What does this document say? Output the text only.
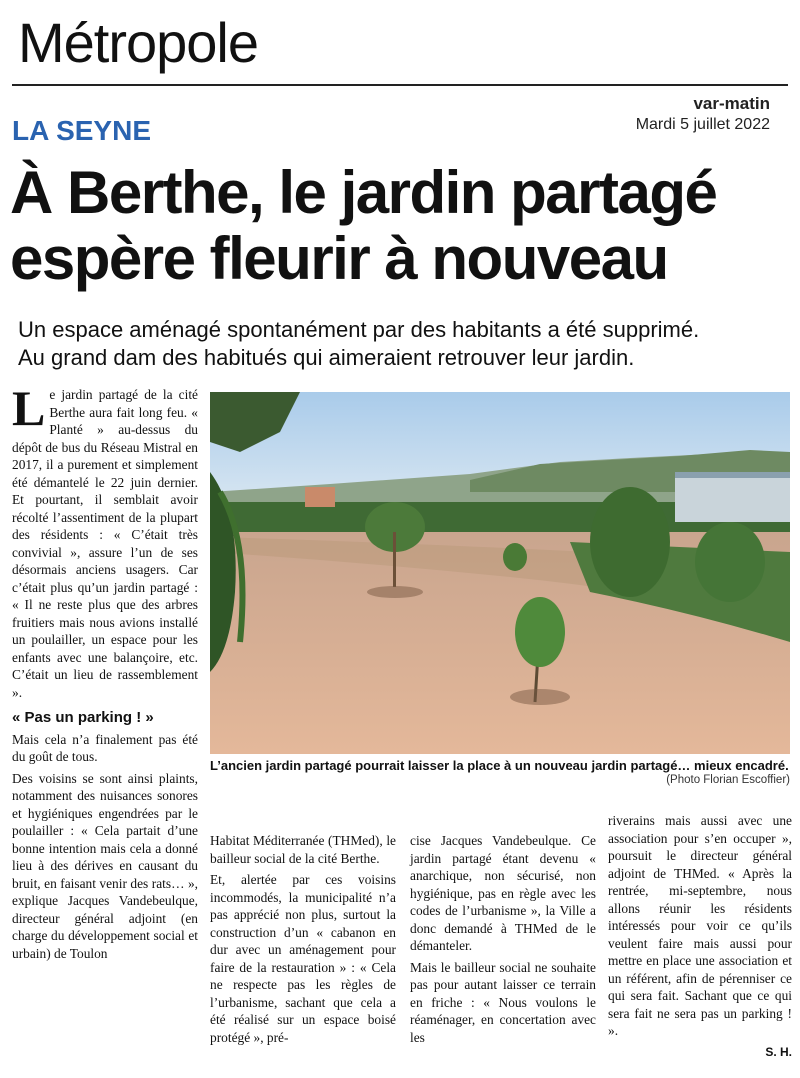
Métropole
var-matin
Mardi 5 juillet 2022
LA SEYNE
À Berthe, le jardin partagé
espère fleurir à nouveau
Un espace aménagé spontanément par des habitants a été supprimé.
Au grand dam des habitués qui aimeraient retrouver leur jardin.

Le jardin partagé de la cité Berthe aura fait long feu. « Planté » au-dessus du dépôt de bus du Réseau Mistral en 2017, il a purement et simplement été démantelé le 22 juin dernier. Et pourtant, il semblait avoir récolté l’assentiment de la plupart des résidents : « C’était très convivial », assure l’un de ses désormais anciens usagers. Car c’était plus qu’un jardin partagé : « Il ne reste plus que des arbres fruitiers mais nous avions installé un poulailler, un espace pour les enfants avec une balançoire, etc. C’était un lieu de rassemblement ».

« Pas un parking ! »

Mais cela n’a finalement pas été du goût de tous.

Des voisins se sont ainsi plaints, notamment des nuisances sonores et hygiéniques engendrées par le poulailler : « Cela partait d’une bonne intention mais cela a donné lieu à des dérives en causant du bruit, en faisant venir des rats… », explique Jacques Vandebeulque, directeur général adjoint (en charge du développement social et urbain) de Toulon

L’ancien jardin partagé pourrait laisser la place à un nouveau jardin partagé… mieux encadré.
(Photo Florian Escoffier)

Habitat Méditerranée (THMed), le bailleur social de la cité Berthe.

Et, alertée par ces voisins incommodés, la municipalité n’a pas apprécié non plus, surtout la construction d’un « cabanon en dur avec un aménagement pour faire de la restauration » : « Cela ne respecte pas les règles de l’urbanisme, sachant que cela a été réalisé sur un espace boisé protégé », pré-

cise Jacques Vandebeulque. Ce jardin partagé étant devenu « anarchique, non sécurisé, non hygiénique, pas en règle avec les codes de l’urbanisme », la Ville a donc demandé à THMed de le démanteler.

Mais le bailleur social ne souhaite pas pour autant laisser ce terrain en friche : « Nous voulons le réaménager, en concertation avec les

riverains mais aussi avec une association pour s’en occuper », poursuit le directeur général adjoint de THMed. « Après la rentrée, mi-septembre, nous allons réunir les résidents intéressés pour voir ce qu’ils veulent faire mais aussi pour mettre en place une association et un référent, afin de pérenniser ce qui sera fait. Sachant que ce qui sera fait ne sera pas un parking ! ».

S. H.
